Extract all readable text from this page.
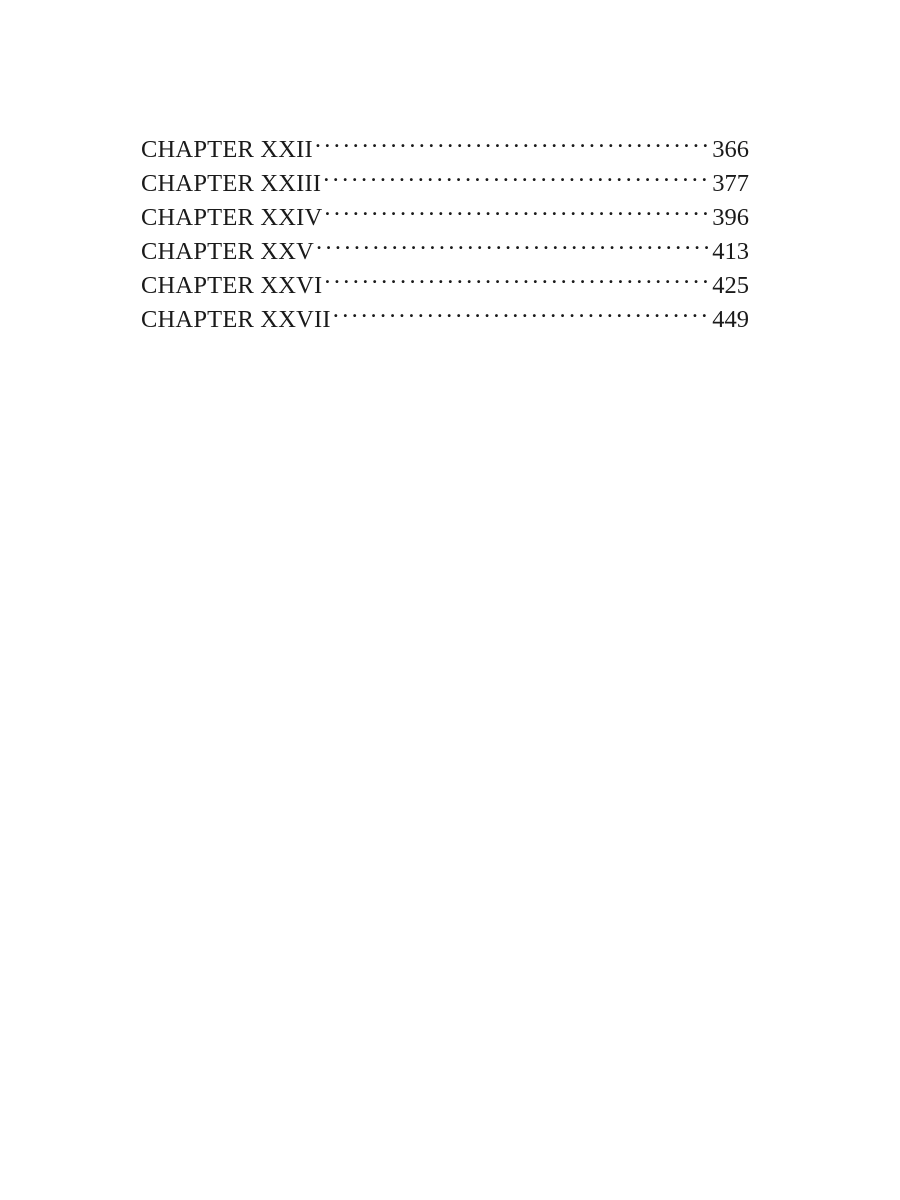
CHAPTER XXII . . .	366
CHAPTER XXIII . . .	377
CHAPTER XXIV . . .	396
CHAPTER XXV . . .	413
CHAPTER XXVI . . .	425
CHAPTER XXVII . . .	449
